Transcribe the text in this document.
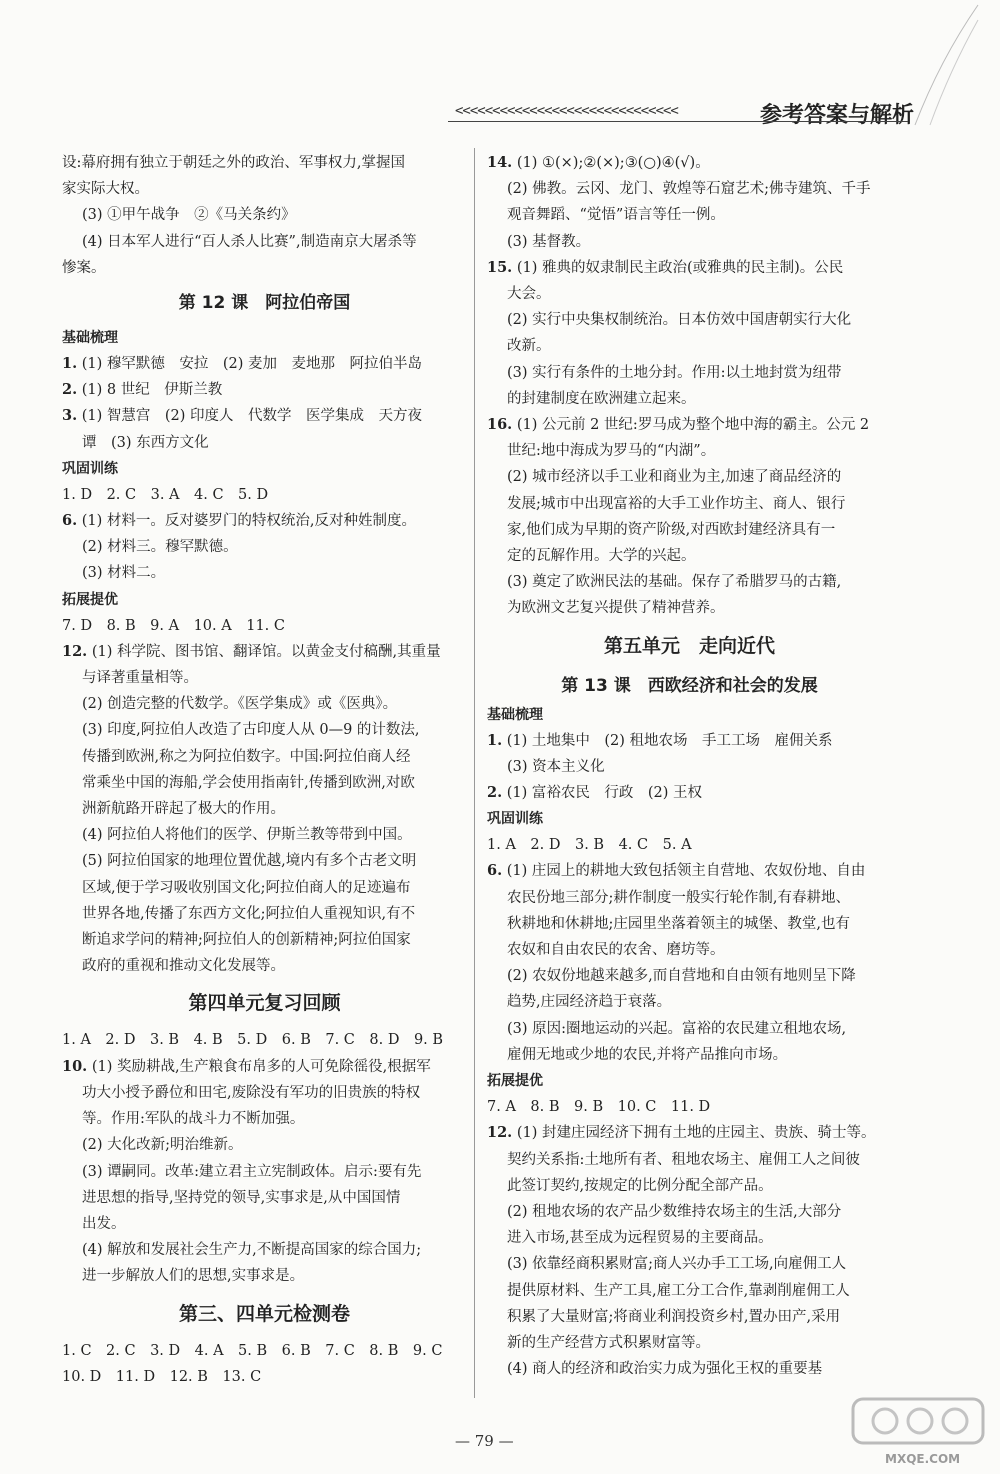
<<<<<<<<<<<<<<<<<<<<<<<<<<<<<<	参考答案与解析

设:幕府拥有独立于朝廷之外的政治、军事权力,掌握国

家实际大权。

(3) ①甲午战争　②《马关条约》

(4) 日本军人进行“百人杀人比赛”,制造南京大屠杀等

惨案。

第 12 课　阿拉伯帝国
基础梳理

1. (1) 穆罕默德　安拉　(2) 麦加　麦地那　阿拉伯半岛

2. (1) 8 世纪　伊斯兰教

3. (1) 智慧宫　(2) 印度人　代数学　医学集成　天方夜

谭　(3) 东西方文化

巩固训练

1. D　2. C　3. A　4. C　5. D

6. (1) 材料一。反对婆罗门的特权统治,反对种姓制度。

(2) 材料三。穆罕默德。

(3) 材料二。

拓展提优

7. D　8. B　9. A　10. A　11. C

12. (1) 科学院、图书馆、翻译馆。以黄金支付稿酬,其重量

与译著重量相等。

(2) 创造完整的代数学。《医学集成》或《医典》。

(3) 印度,阿拉伯人改造了古印度人从 0—9 的计数法,

传播到欧洲,称之为阿拉伯数字。中国:阿拉伯商人经

常乘坐中国的海船,学会使用指南针,传播到欧洲,对欧

洲新航路开辟起了极大的作用。

(4) 阿拉伯人将他们的医学、伊斯兰教等带到中国。

(5) 阿拉伯国家的地理位置优越,境内有多个古老文明

区域,便于学习吸收别国文化;阿拉伯商人的足迹遍布

世界各地,传播了东西方文化;阿拉伯人重视知识,有不

断追求学问的精神;阿拉伯人的创新精神;阿拉伯国家

政府的重视和推动文化发展等。

第四单元复习回顾

1. A　2. D　3. B　4. B　5. D　6. B　7. C　8. D　9. B

10. (1) 奖励耕战,生产粮食布帛多的人可免除徭役,根据军

功大小授予爵位和田宅,废除没有军功的旧贵族的特权

等。作用:军队的战斗力不断加强。

(2) 大化改新;明治维新。

(3) 谭嗣同。改革:建立君主立宪制政体。启示:要有先

进思想的指导,坚持党的领导,实事求是,从中国国情

出发。

(4) 解放和发展社会生产力,不断提高国家的综合国力;

进一步解放人们的思想,实事求是。

第三、四单元检测卷

1. C　2. C　3. D　4. A　5. B　6. B　7. C　8. B　9. C

10. D　11. D　12. B　13. C

14. (1) ①(×);②(×);③(○)④(√)。

(2) 佛教。云冈、龙门、敦煌等石窟艺术;佛寺建筑、千手

观音舞蹈、“觉悟”语言等任一例。

(3) 基督教。

15. (1) 雅典的奴隶制民主政治(或雅典的民主制)。公民

大会。

(2) 实行中央集权制统治。日本仿效中国唐朝实行大化

改新。

(3) 实行有条件的土地分封。作用:以土地封赏为纽带

的封建制度在欧洲建立起来。

16. (1) 公元前 2 世纪:罗马成为整个地中海的霸主。公元 2

世纪:地中海成为罗马的“内湖”。

(2) 城市经济以手工业和商业为主,加速了商品经济的

发展;城市中出现富裕的大手工业作坊主、商人、银行

家,他们成为早期的资产阶级,对西欧封建经济具有一

定的瓦解作用。大学的兴起。

(3) 奠定了欧洲民法的基础。保存了希腊罗马的古籍,

为欧洲文艺复兴提供了精神营养。

第五单元　走向近代
第 13 课　西欧经济和社会的发展
基础梳理

1. (1) 土地集中　(2) 租地农场　手工工场　雇佣关系

(3) 资本主义化

2. (1) 富裕农民　行政　(2) 王权

巩固训练

1. A　2. D　3. B　4. C　5. A

6. (1) 庄园上的耕地大致包括领主自营地、农奴份地、自由

农民份地三部分;耕作制度一般实行轮作制,有春耕地、

秋耕地和休耕地;庄园里坐落着领主的城堡、教堂,也有

农奴和自由农民的农舍、磨坊等。

(2) 农奴份地越来越多,而自营地和自由领有地则呈下降

趋势,庄园经济趋于衰落。

(3) 原因:圈地运动的兴起。富裕的农民建立租地农场,

雇佣无地或少地的农民,并将产品推向市场。

拓展提优

7. A　8. B　9. B　10. C　11. D

12. (1) 封建庄园经济下拥有土地的庄园主、贵族、骑士等。

契约关系指:土地所有者、租地农场主、雇佣工人之间彼

此签订契约,按规定的比例分配全部产品。

(2) 租地农场的农产品少数维持农场主的生活,大部分

进入市场,甚至成为远程贸易的主要商品。

(3) 依靠经商积累财富;商人兴办手工工场,向雇佣工人

提供原材料、生产工具,雇工分工合作,靠剥削雇佣工人

积累了大量财富;将商业利润投资乡村,置办田产,采用

新的生产经营方式积累财富等。

(4) 商人的经济和政治实力成为强化王权的重要基

— 79 —
MXQE.COM
